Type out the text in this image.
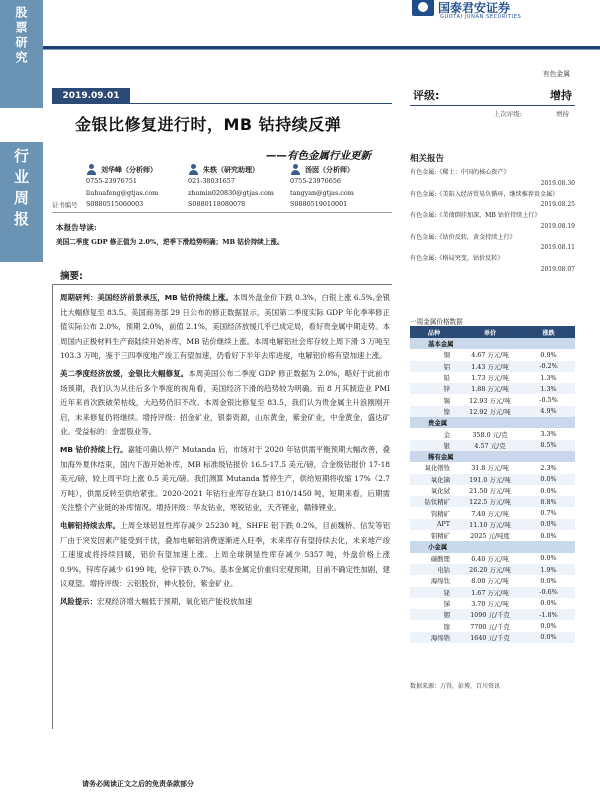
股票研究
行业周报
国泰君安证券
GUOTAI JUNAN SECURITIES
有色金属
2019.09.01
金银比修复进行时，MB 钴持续反弹
——有色金属行业更新
评级:	增持
上次评级:	增持
刘华峰（分析师）	朱轶（研究助理）	汤囡（分析师）
0755-23976751	021-38031657	0755-23976656
liuhuafeng@gtjas.com	zhumin020830@gtjas.com	tangyan@gtjas.com
证书编号	S0880515060003	S0880118080078	S0880519010001
本报告导读:
美国二季度 GDP 修正值为 2.0%，逆季下滑趋势明确；MB 钴价持续上涨。
摘要:

周期研判：美国经济前景承压，MB 钴价持续上涨。本周外盘金价下跌 0.3%，白银上涨 6.5%,金银比大幅修复至 83.5。美国商务部 29 日公布的修正数据显示，美国第二季度实际 GDP 年化季率修正值实际公布 2.0%，预期 2.0%，前值 2.1%，美国经济放缓几乎已成定局，看好贵金属中期走势。本周国内正极材料生产商陆续开始补库，MB 钴价继续上涨。本周电解铝社会库存较上周下滑 3 万吨至 103.3 万吨，鉴于三四季度地产竣工有望加速，仍看好下半年去库进度，电解铝价格有望加速上涨。

美二季度经济放缓，金银比大幅修复。本周美国公布二季度 GDP 修正数据为 2.0%，略好于此前市场预期，我们认为从往后多个季度的视角看，美国经济下滑的趋势较为明确。而 8 月其制造业 PMI 近年来首次跌破荣枯线，大趋势仍旧不改。本周金银比修复至 83.5，我们认为贵金属主升浪刚刚开启，未来修复仍将继续。增持评级：招金矿业，银泰资源，山东黄金，紫金矿业，中金黄金，盛达矿业。受益标的：金雷股业等。

MB 钴价持续上行。嘉能可确认停产 Mutanda 后，市场对于 2020 年钴供需平衡预期大幅改善，叠加海外夏休结束，国内下游开始补库，MB 标准级钴报价 16.5-17.5 美元/磅，合金级钴报价 17-18 美元/磅，较上周平均上涨 0.5 美元/磅。我们测算 Mutanda 暂停生产，供给短期将收缩 17%（2.7 万吨），供需反转至供给紧张。2020-2021 年钴行业库存在缺口 810/1450 吨，短期来看，后期需关注整个产业链的补库情况。增持评级：华友钴业，寒锐钴业，天齐锂业，赣锋锂业。

电解铝持续去库。上周全球铝显性库存减少 25230 吨，SHFE 铝下跌 0.2%，目前魏桥、信发等铝厂由于突发因素产能受到干扰，叠加电解铝消费逐渐进入旺季，未来库存有望持续去化，未来地产竣工速度或将持续回暖，铝价有望加速上涨。上周全球铜显性库存减少 5357 吨，外盘价格上涨 0.9%，锌库存减少 6199 吨，伦锌下跌 0.7%。基本金属定价重归宏观预期，目前不确定性加剧，建议观望。增持评级：云铝股份，神火股份，紫金矿业。

风险提示：宏观经济增大幅低于预期，氧化铝产能投放加速

请务必阅读正文之后的免责条款部分
相关报告
有色金属:《稀土：中国的核心资产》
2019.08.30
有色金属:《美陷入经济贸易负循环，继续推荐贵金属》
2019.08.25
有色金属:《美债倒挂加深，MB 钴价持续上行》
2019.08.19
有色金属:《钴价反转，黄金持续上行》
2019.08.11
有色金属:《格局突变，钴价反转》
2019.08.07
一周金属价格数据
品种	单价	涨跌
基本金属		
铜	4.67 万元/吨	0.9%
铝	1.43 万元/吨	-0.2%
铅	1.73 万元/吨	1.3%
锌	1.88 万元/吨	1.3%
锡	12.93 万元/吨	-0.5%
镍	12.92 万元/吨	4.9%
贵金属		
金	358.0 元/克	3.3%
银	4.57 元/克	8.5%
稀有金属		
氧化镨钕	31.8 万元/吨	2.3%
氧化镝	191.0 万元/吨	0.0%
氧化铽	21.50 万元/吨	0.0%
钴钛精矿	122.5 万元/吨	8.8%
钨精矿	7.40 万元/吨	0.7%
APT	11.10 万元/吨	0.0%
钼精矿	2025 元/吨度	0.0%
小金属		
碳酸锂	6.40 万元/吨	0.0%
电钴	26.20 万元/吨	1.9%
海绵钛	8.00 万元/吨	0.0%
铋	1.67 万元/吨	-0.6%
锑	3.70 万元/吨	0.0%
铟	1090 元/千克	-1.8%
镓	7700 元/千克	0.0%
海绵锆	1640 元/千克	0.0%
数据来源：万得，彭博，百川资讯
